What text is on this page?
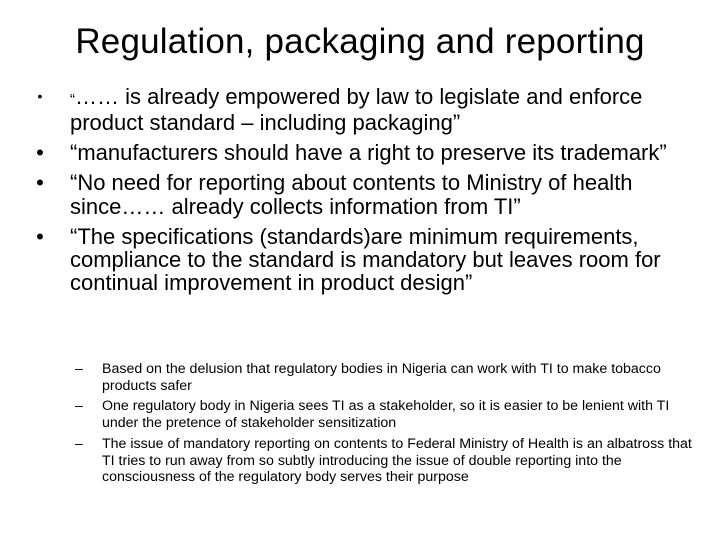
Regulation, packaging and reporting
•	“…… is already empowered by law to legislate and enforce product standard – including packaging”
• “manufacturers should have a right to preserve its trademark”
• “No need for reporting about contents to Ministry of health since…… already collects information from TI”
• “The specifications (standards)are minimum requirements, compliance to the standard is mandatory but leaves room for continual improvement in product design”
–	Based on the delusion that regulatory bodies in Nigeria can work with TI to make tobacco products safer
–	One regulatory body in Nigeria sees TI as a stakeholder, so it is easier to be lenient with TI under the pretence of stakeholder sensitization
–	The issue of mandatory reporting on contents to Federal Ministry of Health is an albatross that TI tries to run away from so subtly introducing the issue of double reporting into the consciousness of the regulatory body serves their purpose
